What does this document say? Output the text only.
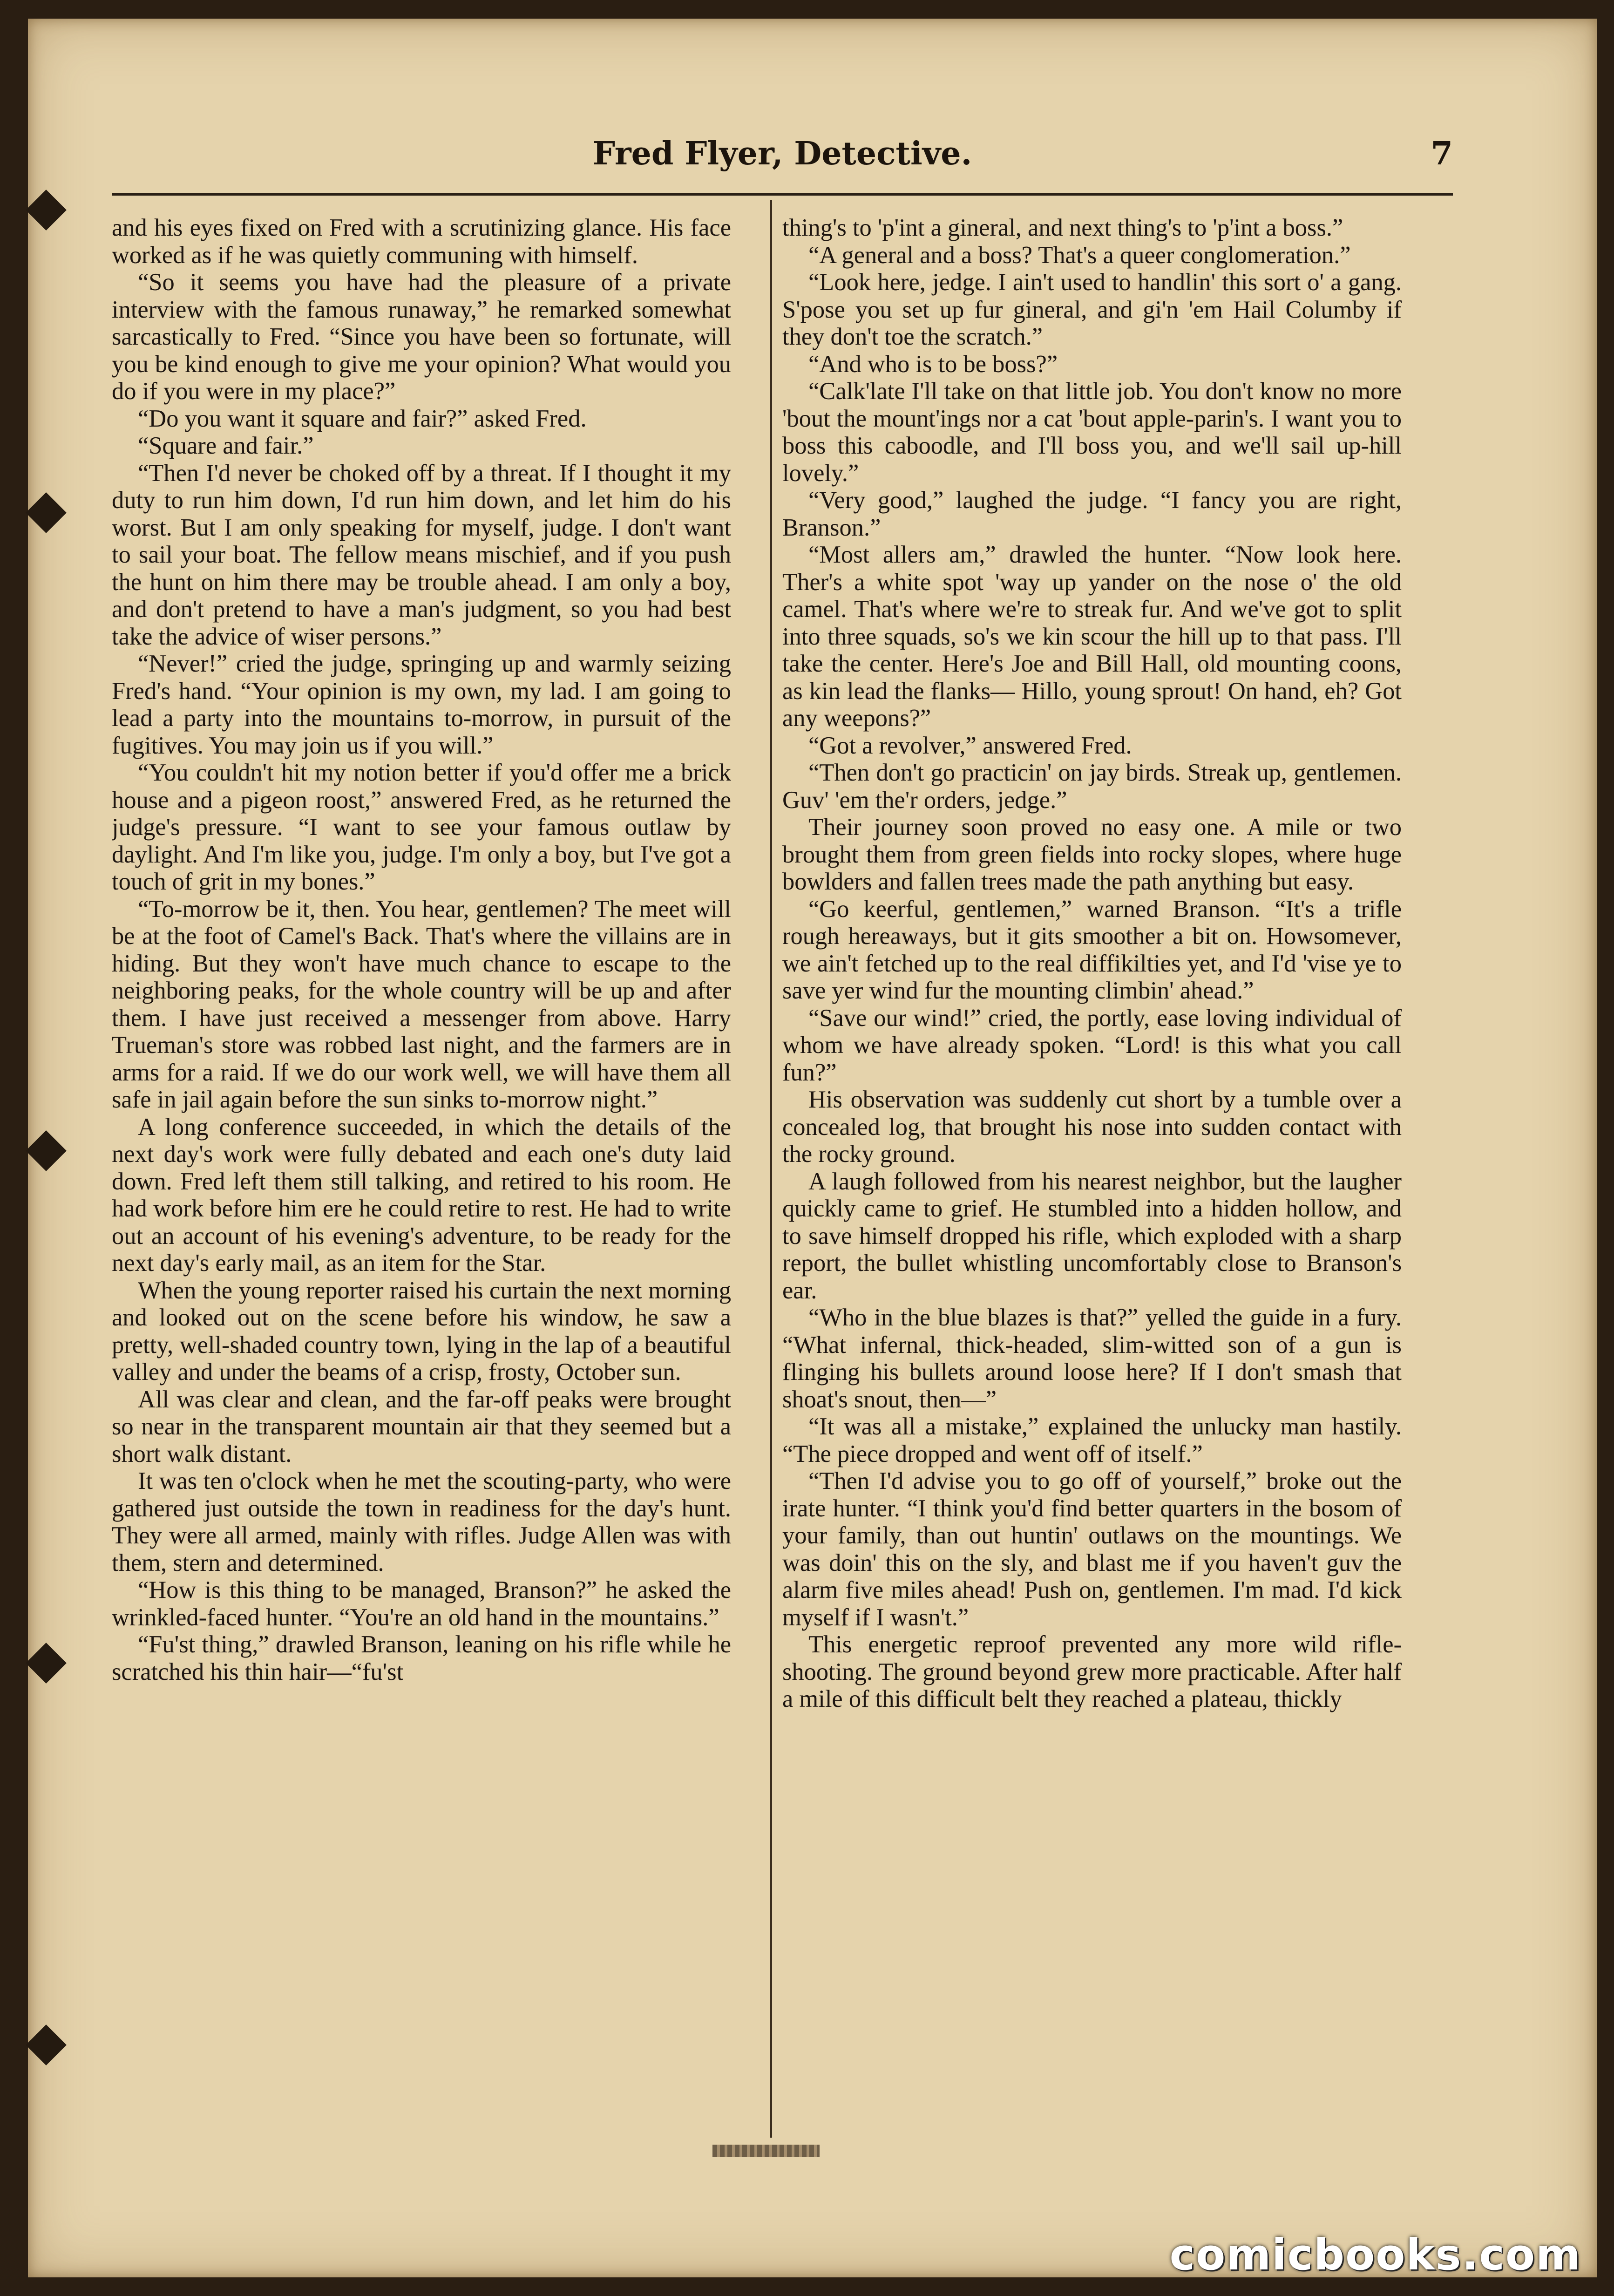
Fred Flyer, Detective.	7

and his eyes fixed on Fred with a scrutinizing glance. His face worked as if he was quietly communing with himself.

“So it seems you have had the pleasure of a private interview with the famous runaway,” he remarked somewhat sarcastically to Fred. “Since you have been so fortunate, will you be kind enough to give me your opinion? What would you do if you were in my place?”

“Do you want it square and fair?” asked Fred.

“Square and fair.”

“Then I'd never be choked off by a threat. If I thought it my duty to run him down, I'd run him down, and let him do his worst. But I am only speaking for myself, judge. I don't want to sail your boat. The fellow means mischief, and if you push the hunt on him there may be trouble ahead. I am only a boy, and don't pretend to have a man's judgment, so you had best take the advice of wiser persons.”

“Never!” cried the judge, springing up and warmly seizing Fred's hand. “Your opinion is my own, my lad. I am going to lead a party into the mountains to-morrow, in pursuit of the fugitives. You may join us if you will.”

“You couldn't hit my notion better if you'd offer me a brick house and a pigeon roost,” answered Fred, as he returned the judge's pressure. “I want to see your famous outlaw by daylight. And I'm like you, judge. I'm only a boy, but I've got a touch of grit in my bones.”

“To-morrow be it, then. You hear, gentlemen? The meet will be at the foot of Camel's Back. That's where the villains are in hiding. But they won't have much chance to escape to the neighboring peaks, for the whole country will be up and after them. I have just received a messenger from above. Harry Trueman's store was robbed last night, and the farmers are in arms for a raid. If we do our work well, we will have them all safe in jail again before the sun sinks to-morrow night.”

A long conference succeeded, in which the details of the next day's work were fully debated and each one's duty laid down. Fred left them still talking, and retired to his room. He had work before him ere he could retire to rest. He had to write out an account of his evening's adventure, to be ready for the next day's early mail, as an item for the Star.

When the young reporter raised his curtain the next morning and looked out on the scene before his window, he saw a pretty, well-shaded country town, lying in the lap of a beautiful valley and under the beams of a crisp, frosty, October sun.

All was clear and clean, and the far-off peaks were brought so near in the transparent mountain air that they seemed but a short walk distant.

It was ten o'clock when he met the scouting-party, who were gathered just outside the town in readiness for the day's hunt. They were all armed, mainly with rifles. Judge Allen was with them, stern and determined.

“How is this thing to be managed, Branson?” he asked the wrinkled-faced hunter. “You're an old hand in the mountains.”

“Fu'st thing,” drawled Branson, leaning on his rifle while he scratched his thin hair—“fu'st

thing's to 'p'int a gineral, and next thing's to 'p'int a boss.”

“A general and a boss? That's a queer conglomeration.”

“Look here, jedge. I ain't used to handlin' this sort o' a gang. S'pose you set up fur gineral, and gi'n 'em Hail Columby if they don't toe the scratch.”

“And who is to be boss?”

“Calk'late I'll take on that little job. You don't know no more 'bout the mount'ings nor a cat 'bout apple-parin's. I want you to boss this caboodle, and I'll boss you, and we'll sail up-hill lovely.”

“Very good,” laughed the judge. “I fancy you are right, Branson.”

“Most allers am,” drawled the hunter. “Now look here. Ther's a white spot 'way up yander on the nose o' the old camel. That's where we're to streak fur. And we've got to split into three squads, so's we kin scour the hill up to that pass. I'll take the center. Here's Joe and Bill Hall, old mounting coons, as kin lead the flanks— Hillo, young sprout! On hand, eh? Got any weepons?”

“Got a revolver,” answered Fred.

“Then don't go practicin' on jay birds. Streak up, gentlemen. Guv' 'em the'r orders, jedge.”

Their journey soon proved no easy one. A mile or two brought them from green fields into rocky slopes, where huge bowlders and fallen trees made the path anything but easy.

“Go keerful, gentlemen,” warned Branson. “It's a trifle rough hereaways, but it gits smoother a bit on. Howsomever, we ain't fetched up to the real diffikilties yet, and I'd 'vise ye to save yer wind fur the mounting climbin' ahead.”

“Save our wind!” cried, the portly, ease loving individual of whom we have already spoken. “Lord! is this what you call fun?”

His observation was suddenly cut short by a tumble over a concealed log, that brought his nose into sudden contact with the rocky ground.

A laugh followed from his nearest neighbor, but the laugher quickly came to grief. He stumbled into a hidden hollow, and to save himself dropped his rifle, which exploded with a sharp report, the bullet whistling uncomfortably close to Branson's ear.

“Who in the blue blazes is that?” yelled the guide in a fury. “What infernal, thick-headed, slim-witted son of a gun is flinging his bullets around loose here? If I don't smash that shoat's snout, then—”

“It was all a mistake,” explained the unlucky man hastily. “The piece dropped and went off of itself.”

“Then I'd advise you to go off of yourself,” broke out the irate hunter. “I think you'd find better quarters in the bosom of your family, than out huntin' outlaws on the mountings. We was doin' this on the sly, and blast me if you haven't guv the alarm five miles ahead! Push on, gentlemen. I'm mad. I'd kick myself if I wasn't.”

This energetic reproof prevented any more wild rifle-shooting. The ground beyond grew more practicable. After half a mile of this difficult belt they reached a plateau, thickly

comicbooks.com
